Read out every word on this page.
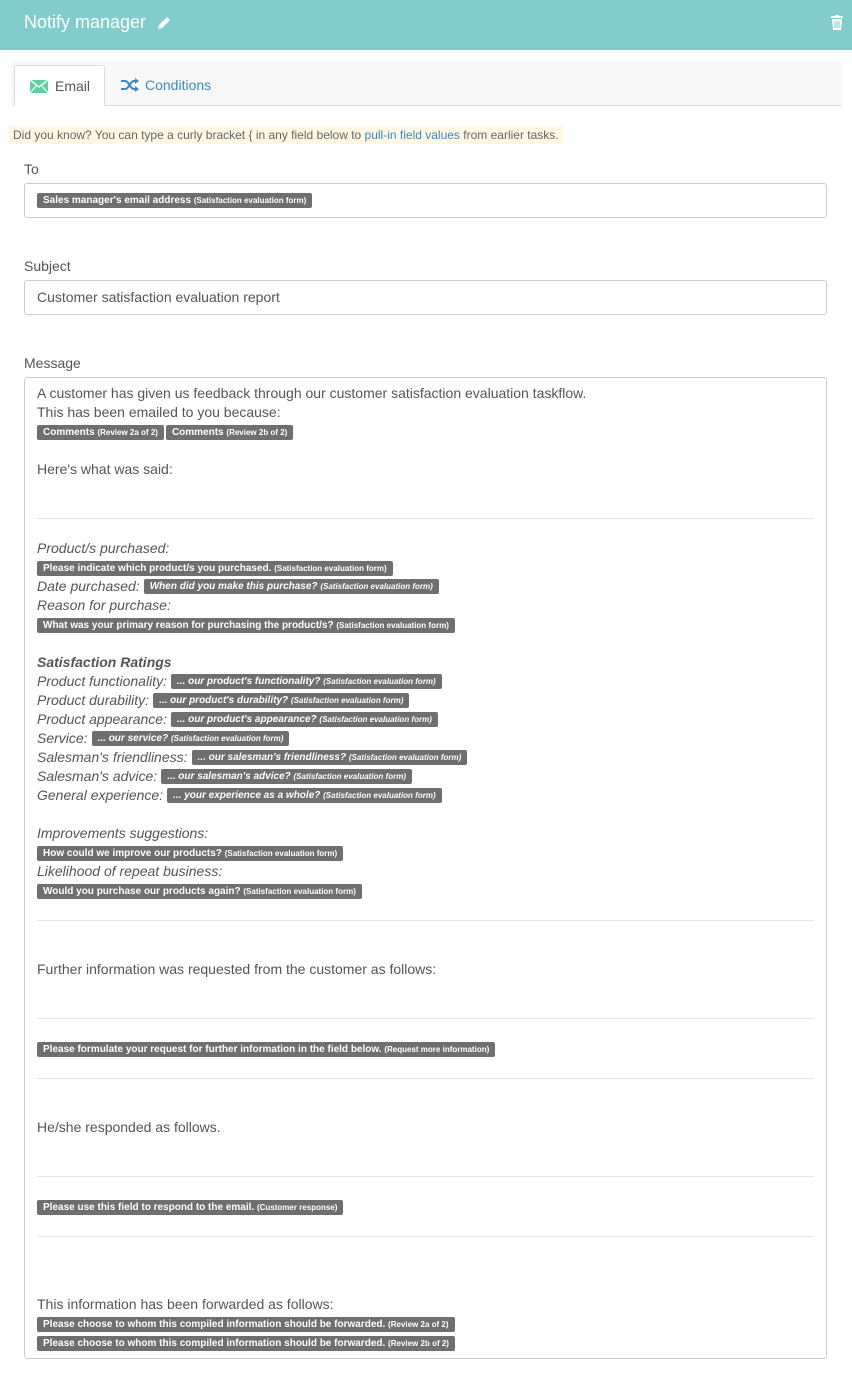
Notify manager
Email	Conditions
Did you know? You can type a curly bracket { in any field below to pull-in field values from earlier tasks.
To
Sales manager's email address (Satisfaction evaluation form)
Subject
Customer satisfaction evaluation report
Message
A customer has given us feedback through our customer satisfaction evaluation taskflow.
This has been emailed to you because:
Comments (Review 2a of 2) Comments (Review 2b of 2)
Here's what was said:
Product/s purchased:
Please indicate which product/s you purchased. (Satisfaction evaluation form)
Date purchased: When did you make this purchase? (Satisfaction evaluation form)
Reason for purchase:
What was your primary reason for purchasing the product/s? (Satisfaction evaluation form)
Satisfaction Ratings
Product functionality: ... our product's functionality? (Satisfaction evaluation form)
Product durability: ... our product's durability? (Satisfaction evaluation form)
Product appearance: ... our product's appearance? (Satisfaction evaluation form)
Service: ... our service? (Satisfaction evaluation form)
Salesman's friendliness: ... our salesman's friendliness? (Satisfaction evaluation form)
Salesman's advice: ... our salesman's advice? (Satisfaction evaluation form)
General experience: ... your experience as a whole? (Satisfaction evaluation form)
Improvements suggestions:
How could we improve our products? (Satisfaction evaluation form)
Likelihood of repeat business:
Would you purchase our products again? (Satisfaction evaluation form)
Further information was requested from the customer as follows:
Please formulate your request for further information in the field below. (Request more information)
He/she responded as follows.
Please use this field to respond to the email. (Customer response)
This information has been forwarded as follows:
Please choose to whom this compiled information should be forwarded. (Review 2a of 2)
Please choose to whom this compiled information should be forwarded. (Review 2b of 2)
